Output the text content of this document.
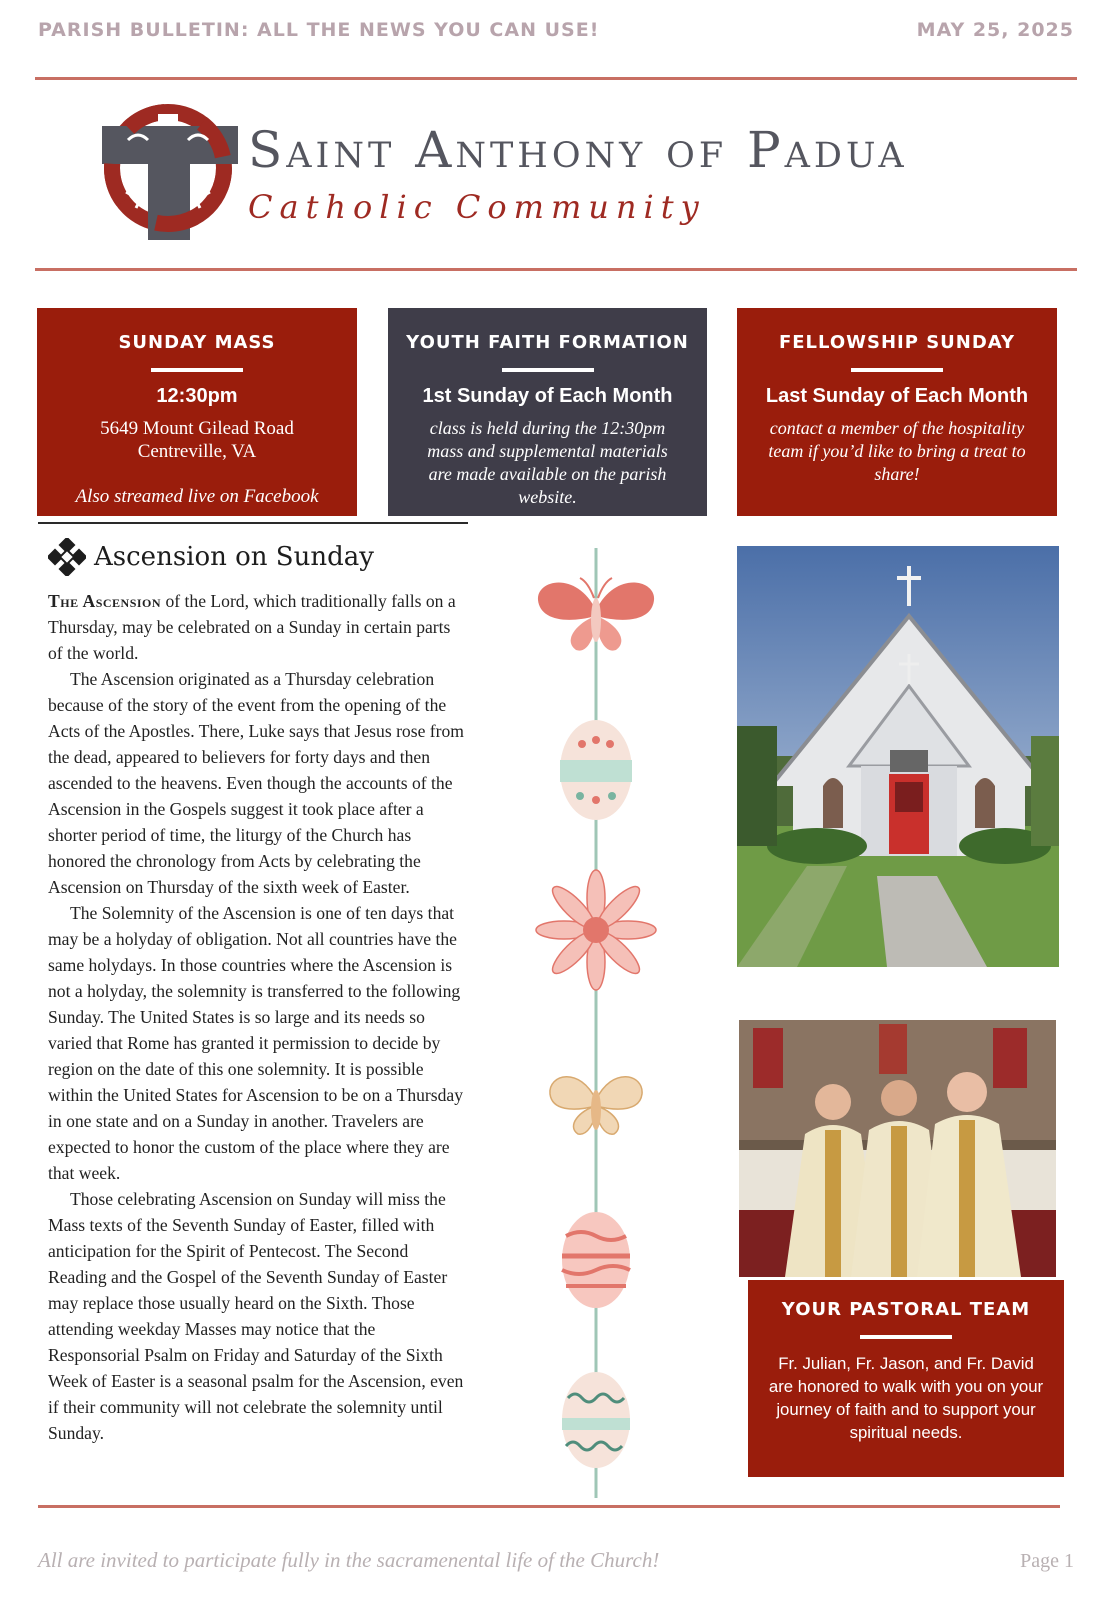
PARISH BULLETIN: ALL THE NEWS YOU CAN USE!	MAY 25, 2025
Saint Anthony of Padua
Catholic Community
SUNDAY MASS
12:30pm
5649 Mount Gilead Road
Centreville, VA
Also streamed live on Facebook
YOUTH FAITH FORMATION
1st Sunday of Each Month
class is held during the 12:30pm mass and supplemental materials are made available on the parish website.
FELLOWSHIP SUNDAY
Last Sunday of Each Month
contact a member of the hospitality team if you’d like to bring a treat to share!
Ascension on Sunday

The Ascension of the Lord, which traditionally falls on a Thursday, may be celebrated on a Sunday in certain parts of the world.

The Ascension originated as a Thursday celebration because of the story of the event from the opening of the Acts of the Apostles. There, Luke says that Jesus rose from the dead, appeared to believers for forty days and then ascended to the heavens. Even though the accounts of the Ascension in the Gospels suggest it took place after a shorter period of time, the liturgy of the Church has honored the chronology from Acts by celebrating the Ascension on Thursday of the sixth week of Easter.

The Solemnity of the Ascension is one of ten days that may be a holyday of obligation. Not all countries have the same holydays. In those countries where the Ascension is not a holyday, the solemnity is transferred to the following Sunday. The United States is so large and its needs so varied that Rome has granted it permission to decide by region on the date of this one solemnity. It is possible within the United States for Ascension to be on a Thursday in one state and on a Sunday in another. Travelers are expected to honor the custom of the place where they are that week.

Those celebrating Ascension on Sunday will miss the Mass texts of the Seventh Sunday of Easter, filled with anticipation for the Spirit of Pentecost. The Second Reading and the Gospel of the Seventh Sunday of Easter may replace those usually heard on the Sixth. Those attending weekday Masses may notice that the Responsorial Psalm on Friday and Saturday of the Sixth Week of Easter is a seasonal psalm for the Ascension, even if their community will not celebrate the solemnity until Sunday.

YOUR PASTORAL TEAM
Fr. Julian, Fr. Jason, and Fr. David are honored to walk with you on your journey of faith and to support your spiritual needs.
All are invited to participate fully in the sacramenental life of the Church!	Page 1
